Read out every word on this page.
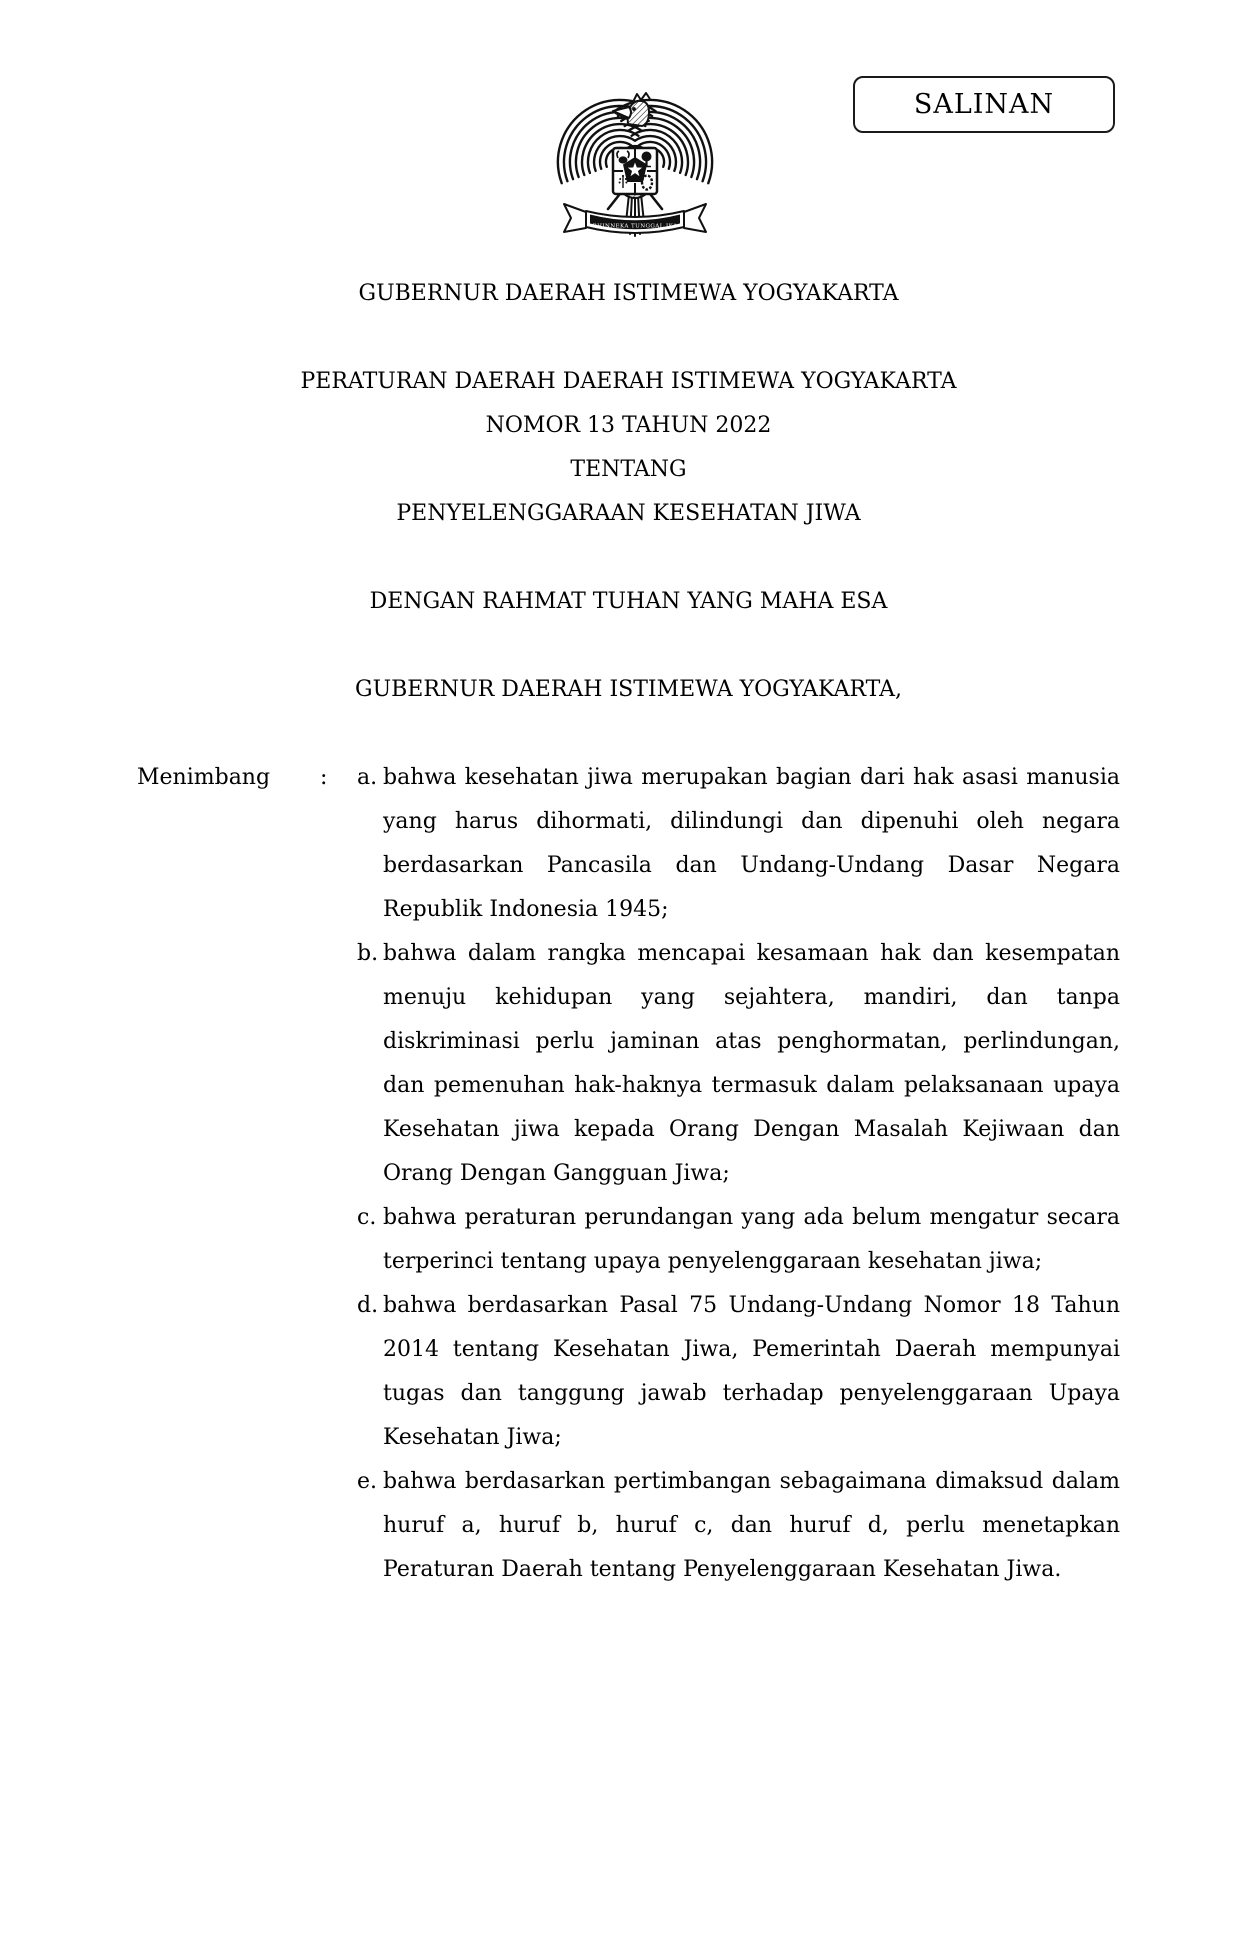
BHINNEKA TUNGGAL IKA
SALINAN
GUBERNUR DAERAH ISTIMEWA YOGYAKARTA
PERATURAN DAERAH DAERAH ISTIMEWA YOGYAKARTA
NOMOR 13 TAHUN 2022
TENTANG
PENYELENGGARAAN KESEHATAN JIWA
DENGAN RAHMAT TUHAN YANG MAHA ESA
GUBERNUR DAERAH ISTIMEWA YOGYAKARTA,
Menimbang	:	a. bahwa kesehatan jiwa merupakan bagian dari hak asasi manusia yang harus dihormati, dilindungi dan dipenuhi oleh negara berdasarkan Pancasila dan Undang-Undang Dasar Negara Republik Indonesia 1945;
b. bahwa dalam rangka mencapai kesamaan hak dan kesempatan menuju kehidupan yang sejahtera, mandiri, dan tanpa diskriminasi perlu jaminan atas penghormatan, perlindungan, dan pemenuhan hak-haknya termasuk dalam pelaksanaan upaya Kesehatan jiwa kepada Orang Dengan Masalah Kejiwaan dan Orang Dengan Gangguan Jiwa;
c. bahwa peraturan perundangan yang ada belum mengatur secara terperinci tentang upaya penyelenggaraan kesehatan jiwa;
d. bahwa berdasarkan Pasal 75 Undang-Undang Nomor 18 Tahun 2014 tentang Kesehatan Jiwa, Pemerintah Daerah mempunyai tugas dan tanggung jawab terhadap penyelenggaraan Upaya Kesehatan Jiwa;
e. bahwa berdasarkan pertimbangan sebagaimana dimaksud dalam huruf a, huruf b, huruf c, dan huruf d, perlu menetapkan Peraturan Daerah tentang Penyelenggaraan Kesehatan Jiwa.
